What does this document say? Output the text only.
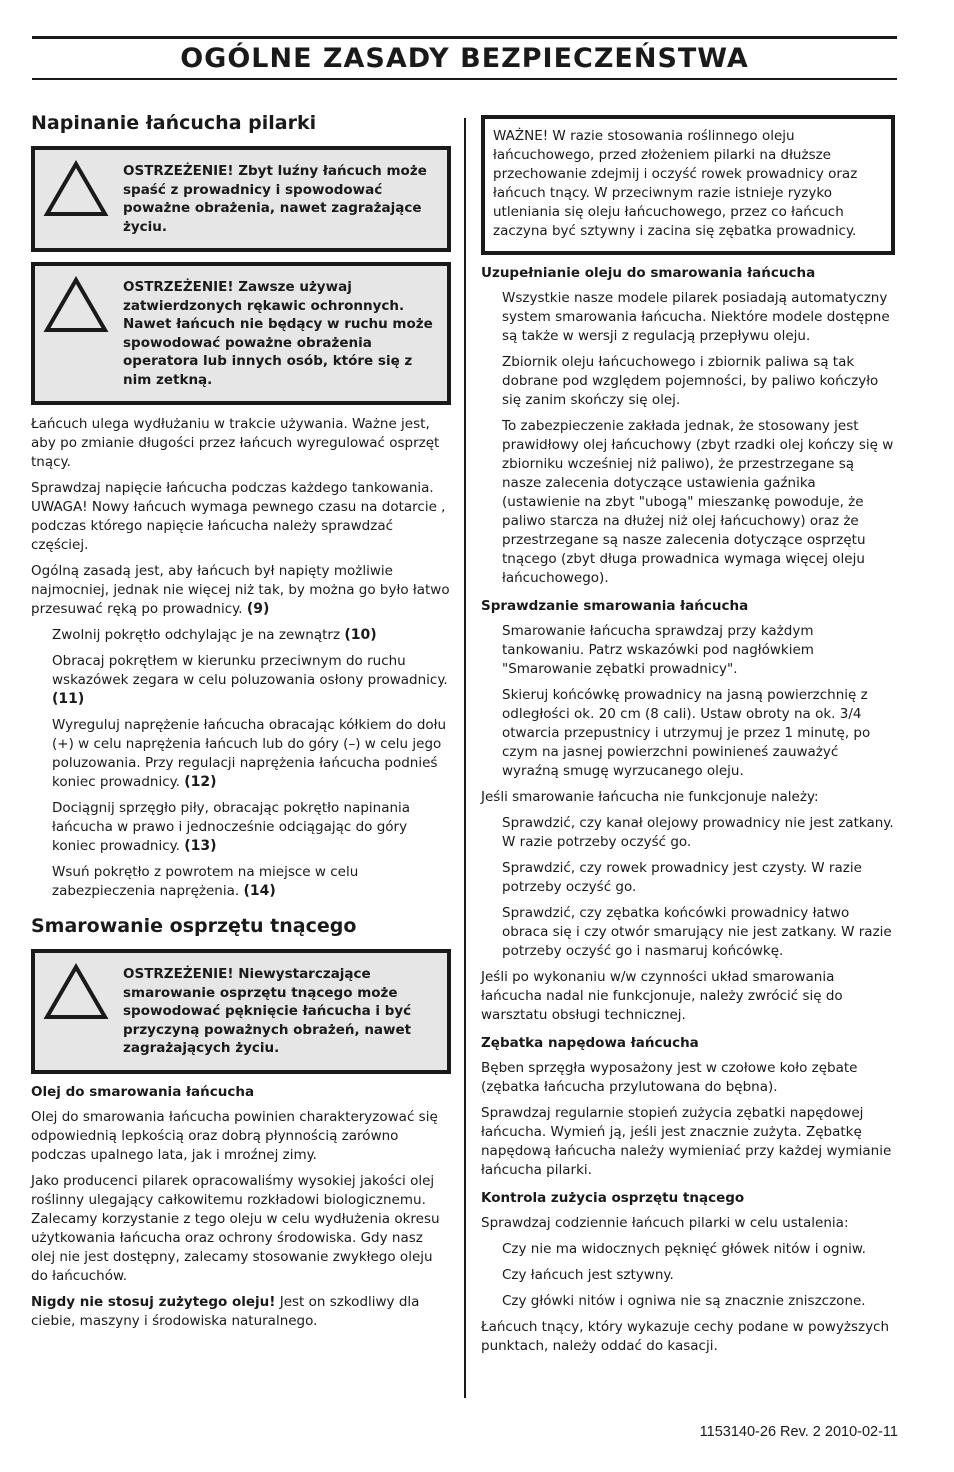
OGÓLNE ZASADY BEZPIECZEŃSTWA
Napinanie łańcucha pilarki
OSTRZEŻENIE! Zbyt luźny łańcuch może spaść z prowadnicy i spowodować poważne obrażenia, nawet zagrażające życiu.
OSTRZEŻENIE! Zawsze używaj zatwierdzonych rękawic ochronnych. Nawet łańcuch nie będący w ruchu może spowodować poważne obrażenia operatora lub innych osób, które się z nim zetkną.

Łańcuch ulega wydłużaniu w trakcie używania. Ważne jest, aby po zmianie długości przez łańcuch wyregulować osprzęt tnący.

Sprawdzaj napięcie łańcucha podczas każdego tankowania. UWAGA! Nowy łańcuch wymaga pewnego czasu na dotarcie , podczas którego napięcie łańcucha należy sprawdzać częściej.

Ogólną zasadą jest, aby łańcuch był napięty możliwie najmocniej, jednak nie więcej niż tak, by można go było łatwo przesuwać ręką po prowadnicy. (9)

Zwolnij pokrętło odchylając je na zewnątrz (10)

Obracaj pokrętłem w kierunku przeciwnym do ruchu wskazówek zegara w celu poluzowania osłony prowadnicy. (11)

Wyreguluj naprężenie łańcucha obracając kółkiem do dołu (+) w celu naprężenia łańcuch lub do góry (–) w celu jego poluzowania. Przy regulacji naprężenia łańcucha podnieś koniec prowadnicy. (12)

Dociągnij sprzęgło piły, obracając pokrętło napinania łańcucha w prawo i jednocześnie odciągając do góry koniec prowadnicy. (13)

Wsuń pokrętło z powrotem na miejsce w celu zabezpieczenia naprężenia. (14)

Smarowanie osprzętu tnącego
OSTRZEŻENIE! Niewystarczające smarowanie osprzętu tnącego może spowodować pęknięcie łańcucha i być przyczyną poważnych obrażeń, nawet zagrażających życiu.
Olej do smarowania łańcucha

Olej do smarowania łańcucha powinien charakteryzować się odpowiednią lepkością oraz dobrą płynnością zarówno podczas upalnego lata, jak i mroźnej zimy.

Jako producenci pilarek opracowaliśmy wysokiej jakości olej roślinny ulegający całkowitemu rozkładowi biologicznemu. Zalecamy korzystanie z tego oleju w celu wydłużenia okresu użytkowania łańcucha oraz ochrony środowiska. Gdy nasz olej nie jest dostępny, zalecamy stosowanie zwykłego oleju do łańcuchów.

Nigdy nie stosuj zużytego oleju! Jest on szkodliwy dla ciebie, maszyny i środowiska naturalnego.

WAŻNE! W razie stosowania roślinnego oleju łańcuchowego, przed złożeniem pilarki na dłuższe przechowanie zdejmij i oczyść rowek prowadnicy oraz łańcuch tnący. W przeciwnym razie istnieje ryzyko utleniania się oleju łańcuchowego, przez co łańcuch zaczyna być sztywny i zacina się zębatka prowadnicy.

Uzupełnianie oleju do smarowania łańcucha

Wszystkie nasze modele pilarek posiadają automatyczny system smarowania łańcucha. Niektóre modele dostępne są także w wersji z regulacją przepływu oleju.

Zbiornik oleju łańcuchowego i zbiornik paliwa są tak dobrane pod względem pojemności, by paliwo kończyło się zanim skończy się olej.

To zabezpieczenie zakłada jednak, że stosowany jest prawidłowy olej łańcuchowy (zbyt rzadki olej kończy się w zbiorniku wcześniej niż paliwo), że przestrzegane są nasze zalecenia dotyczące ustawienia gaźnika (ustawienie na zbyt "ubogą" mieszankę powoduje, że paliwo starcza na dłużej niż olej łańcuchowy) oraz że przestrzegane są nasze zalecenia dotyczące osprzętu tnącego (zbyt długa prowadnica wymaga więcej oleju łańcuchowego).

Sprawdzanie smarowania łańcucha

Smarowanie łańcucha sprawdzaj przy każdym tankowaniu. Patrz wskazówki pod nagłówkiem "Smarowanie zębatki prowadnicy".

Skieruj końcówkę prowadnicy na jasną powierzchnię z odległości ok. 20 cm (8 cali). Ustaw obroty na ok. 3/4 otwarcia przepustnicy i utrzymuj je przez 1 minutę, po czym na jasnej powierzchni powinieneś zauważyć wyraźną smugę wyrzucanego oleju.

Jeśli smarowanie łańcucha nie funkcjonuje należy:

Sprawdzić, czy kanał olejowy prowadnicy nie jest zatkany. W razie potrzeby oczyść go.

Sprawdzić, czy rowek prowadnicy jest czysty. W razie potrzeby oczyść go.

Sprawdzić, czy zębatka końcówki prowadnicy łatwo obraca się i czy otwór smarujący nie jest zatkany. W razie potrzeby oczyść go i nasmaruj końcówkę.

Jeśli po wykonaniu w/w czynności układ smarowania łańcucha nadal nie funkcjonuje, należy zwrócić się do warsztatu obsługi technicznej.

Zębatka napędowa łańcucha

Bęben sprzęgła wyposażony jest w czołowe koło zębate (zębatka łańcucha przylutowana do bębna).

Sprawdzaj regularnie stopień zużycia zębatki napędowej łańcucha. Wymień ją, jeśli jest znacznie zużyta. Zębatkę napędową łańcucha należy wymieniać przy każdej wymianie łańcucha pilarki.

Kontrola zużycia osprzętu tnącego

Sprawdzaj codziennie łańcuch pilarki w celu ustalenia:

Czy nie ma widocznych pęknięć główek nitów i ogniw.

Czy łańcuch jest sztywny.

Czy główki nitów i ogniwa nie są znacznie zniszczone.

Łańcuch tnący, który wykazuje cechy podane w powyższych punktach, należy oddać do kasacji.

1153140-26 Rev. 2 2010-02-11
